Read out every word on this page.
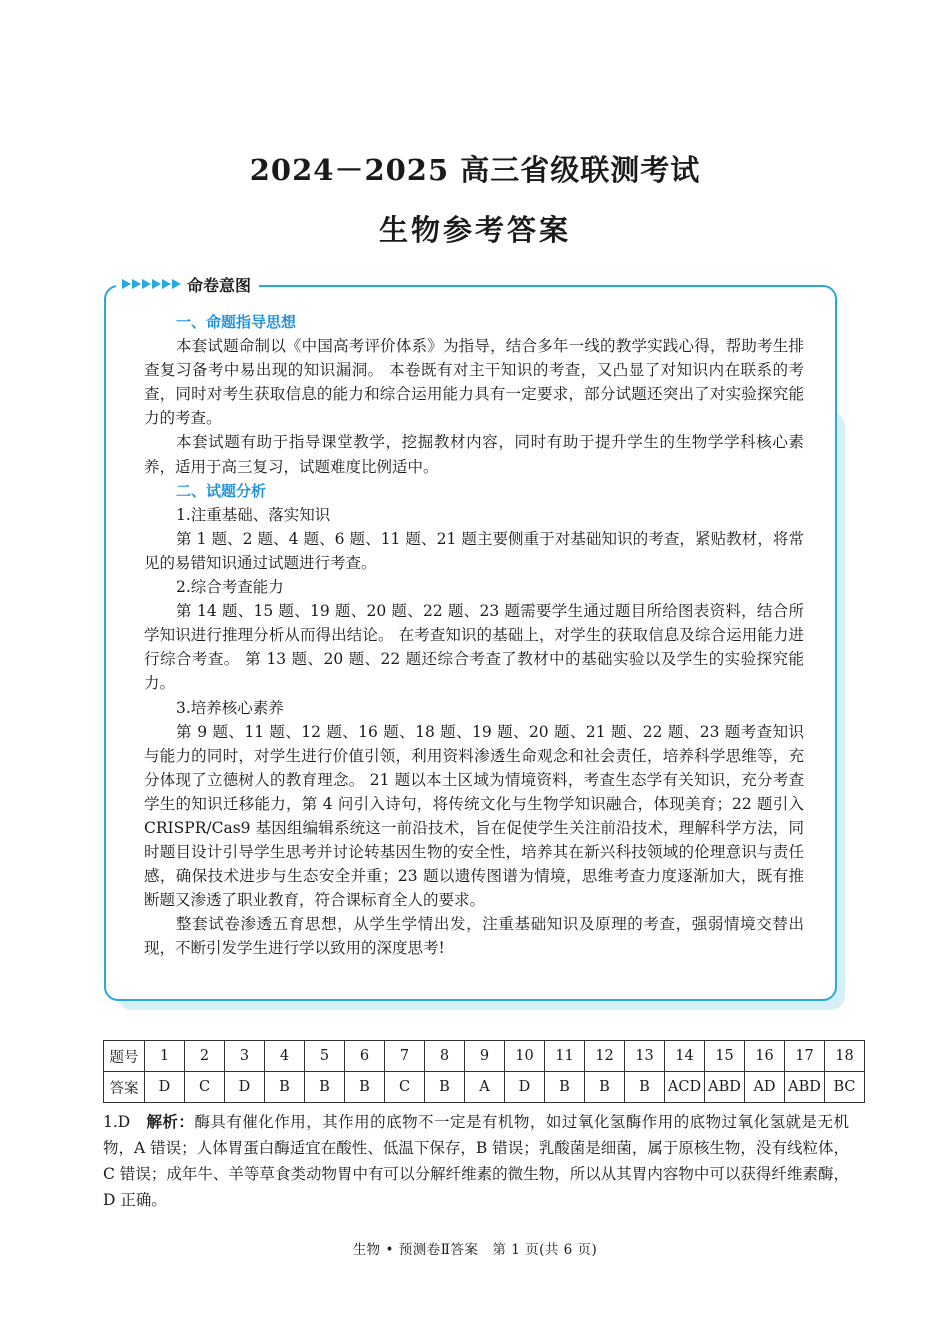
2024－2025 高三省级联测考试
生物参考答案
命卷意图
一、命题指导思想

本套试题命制以《中国高考评价体系》为指导，结合多年一线的教学实践心得，帮助考生排查复习备考中易出现的知识漏洞。 本卷既有对主干知识的考查，又凸显了对知识内在联系的考查，同时对考生获取信息的能力和综合运用能力具有一定要求，部分试题还突出了对实验探究能力的考查。

本套试题有助于指导课堂教学，挖掘教材内容，同时有助于提升学生的生物学学科核心素养，适用于高三复习，试题难度比例适中。

二、试题分析

1.注重基础、落实知识

第 1 题、2 题、4 题、6 题、11 题、21 题主要侧重于对基础知识的考查，紧贴教材，将常见的易错知识通过试题进行考查。

2.综合考查能力

第 14 题、15 题、19 题、20 题、22 题、23 题需要学生通过题目所给图表资料，结合所学知识进行推理分析从而得出结论。 在考查知识的基础上，对学生的获取信息及综合运用能力进行综合考查。 第 13 题、20 题、22 题还综合考查了教材中的基础实验以及学生的实验探究能力。

3.培养核心素养

第 9 题、11 题、12 题、16 题、18 题、19 题、20 题、21 题、22 题、23 题考查知识与能力的同时，对学生进行价值引领，利用资料渗透生命观念和社会责任，培养科学思维等，充分体现了立德树人的教育理念。 21 题以本土区域为情境资料，考查生态学有关知识，充分考查学生的知识迁移能力，第 4 问引入诗句，将传统文化与生物学知识融合，体现美育；22 题引入 CRISPR/Cas9 基因组编辑系统这一前沿技术，旨在促使学生关注前沿技术，理解科学方法，同时题目设计引导学生思考并讨论转基因生物的安全性，培养其在新兴科技领域的伦理意识与责任感，确保技术进步与生态安全并重；23 题以遗传图谱为情境，思维考查力度逐渐加大，既有推断题又渗透了职业教育，符合课标育全人的要求。

整套试卷渗透五育思想，从学生学情出发，注重基础知识及原理的考查，强弱情境交替出现，不断引发学生进行学以致用的深度思考!

题号	1	2	3	4	5	6	7	8	9	10	11	12	13	14	15	16	17	18
答案	D	C	D	B	B	B	C	B	A	D	B	B	B	ACD	ABD	AD	ABD	BC
1.D 解析：酶具有催化作用，其作用的底物不一定是有机物，如过氧化氢酶作用的底物过氧化氢就是无机物，A 错误；人体胃蛋白酶适宜在酸性、低温下保存，B 错误；乳酸菌是细菌，属于原核生物，没有线粒体，C 错误；成年牛、羊等草食类动物胃中有可以分解纤维素的微生物，所以从其胃内容物中可以获得纤维素酶，D 正确。
生物 • 预测卷Ⅱ答案　第 1 页(共 6 页)
